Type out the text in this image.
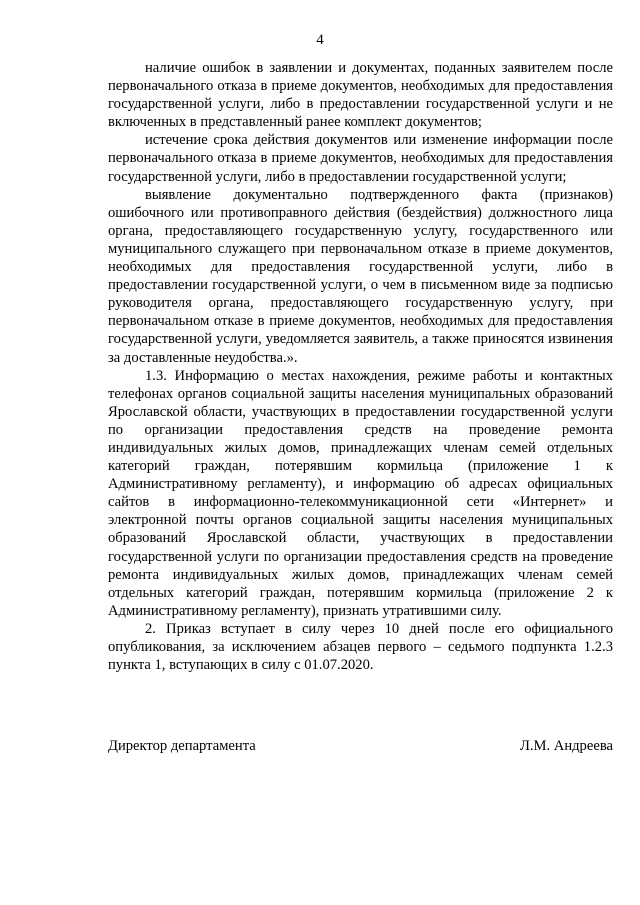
4

наличие ошибок в заявлении и документах, поданных заявителем после первоначального отказа в приеме документов, необходимых для предоставления государственной услуги, либо в предоставлении государственной услуги и не включенных в представленный ранее комплект документов;

истечение срока действия документов или изменение информации после первоначального отказа в приеме документов, необходимых для предоставления государственной услуги, либо в предоставлении государственной услуги;

выявление документально подтвержденного факта (признаков) ошибочного или противоправного действия (бездействия) должностного лица органа, предоставляющего государственную услугу, государственного или муниципального служащего при первоначальном отказе в приеме документов, необходимых для предоставления государственной услуги, либо в предоставлении государственной услуги, о чем в письменном виде за подписью руководителя органа, предоставляющего государственную услугу, при первоначальном отказе в приеме документов, необходимых для предоставления государственной услуги, уведомляется заявитель, а также приносятся извинения за доставленные неудобства.».

1.3. Информацию о местах нахождения, режиме работы и контактных телефонах органов социальной защиты населения муниципальных образований Ярославской области, участвующих в предоставлении государственной услуги по организации предоставления средств на проведение ремонта индивидуальных жилых домов, принадлежащих членам семей отдельных категорий граждан, потерявшим кормильца (приложение 1 к Административному регламенту), и информацию об адресах официальных сайтов в информационно-телекоммуникационной сети «Интернет» и электронной почты органов социальной защиты населения муниципальных образований Ярославской области, участвующих в предоставлении государственной услуги по организации предоставления средств на проведение ремонта индивидуальных жилых домов, принадлежащих членам семей отдельных категорий граждан, потерявшим кормильца (приложение 2 к Административному регламенту), признать утратившими силу.

2. Приказ вступает в силу через 10 дней после его официального опубликования, за исключением абзацев первого – седьмого подпункта 1.2.3 пункта 1, вступающих в силу с 01.07.2020.

Директор департамента	Л.М. Андреева
